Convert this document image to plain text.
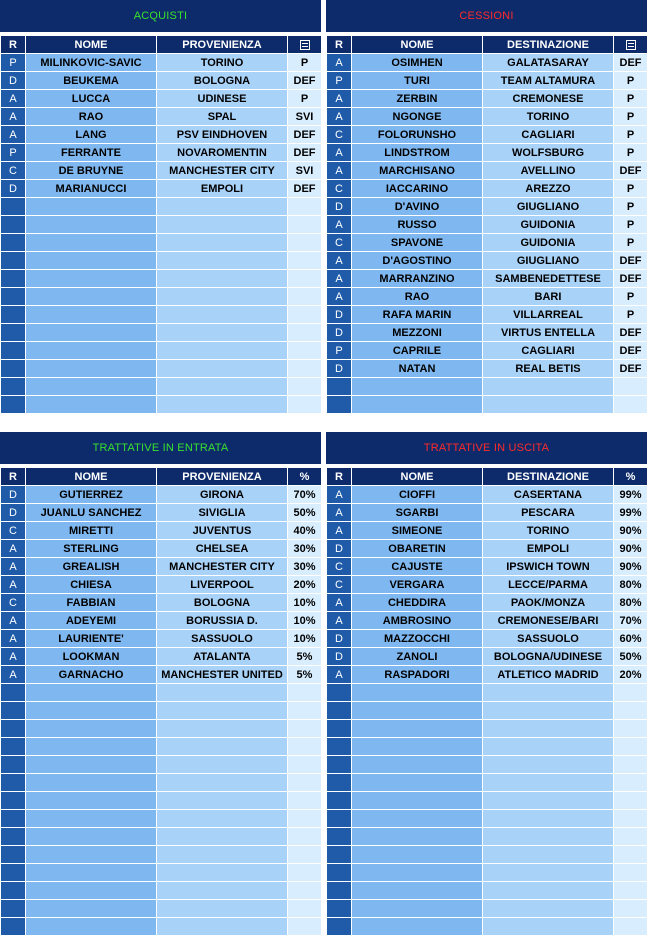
ACQUISTI
R	NOME	PROVENIENZA	
P	MILINKOVIC-SAVIC	TORINO	P
D	BEUKEMA	BOLOGNA	DEF
A	LUCCA	UDINESE	P
A	RAO	SPAL	SVI
A	LANG	PSV EINDHOVEN	DEF
P	FERRANTE	NOVAROMENTIN	DEF
C	DE BRUYNE	MANCHESTER CITY	SVI
D	MARIANUCCI	EMPOLI	DEF

CESSIONI
R	NOME	DESTINAZIONE	
A	OSIMHEN	GALATASARAY	DEF
P	TURI	TEAM ALTAMURA	P
A	ZERBIN	CREMONESE	P
A	NGONGE	TORINO	P
C	FOLORUNSHO	CAGLIARI	P
A	LINDSTROM	WOLFSBURG	P
A	MARCHISANO	AVELLINO	DEF
C	IACCARINO	AREZZO	P
D	D'AVINO	GIUGLIANO	P
A	RUSSO	GUIDONIA	P
C	SPAVONE	GUIDONIA	P
A	D'AGOSTINO	GIUGLIANO	DEF
A	MARRANZINO	SAMBENEDETTESE	DEF
A	RAO	BARI	P
D	RAFA MARIN	VILLARREAL	P
D	MEZZONI	VIRTUS ENTELLA	DEF
P	CAPRILE	CAGLIARI	DEF
D	NATAN	REAL BETIS	DEF

TRATTATIVE IN ENTRATA
R	NOME	PROVENIENZA	%
D	GUTIERREZ	GIRONA	70%
D	JUANLU SANCHEZ	SIVIGLIA	50%
C	MIRETTI	JUVENTUS	40%
A	STERLING	CHELSEA	30%
A	GREALISH	MANCHESTER CITY	30%
A	CHIESA	LIVERPOOL	20%
C	FABBIAN	BOLOGNA	10%
A	ADEYEMI	BORUSSIA D.	10%
A	LAURIENTE'	SASSUOLO	10%
A	LOOKMAN	ATALANTA	5%
A	GARNACHO	MANCHESTER UNITED	5%

TRATTATIVE IN USCITA
R	NOME	DESTINAZIONE	%
A	CIOFFI	CASERTANA	99%
A	SGARBI	PESCARA	99%
A	SIMEONE	TORINO	90%
D	OBARETIN	EMPOLI	90%
C	CAJUSTE	IPSWICH TOWN	90%
C	VERGARA	LECCE/PARMA	80%
A	CHEDDIRA	PAOK/MONZA	80%
A	AMBROSINO	CREMONESE/BARI	70%
D	MAZZOCCHI	SASSUOLO	60%
D	ZANOLI	BOLOGNA/UDINESE	50%
A	RASPADORI	ATLETICO MADRID	20%
